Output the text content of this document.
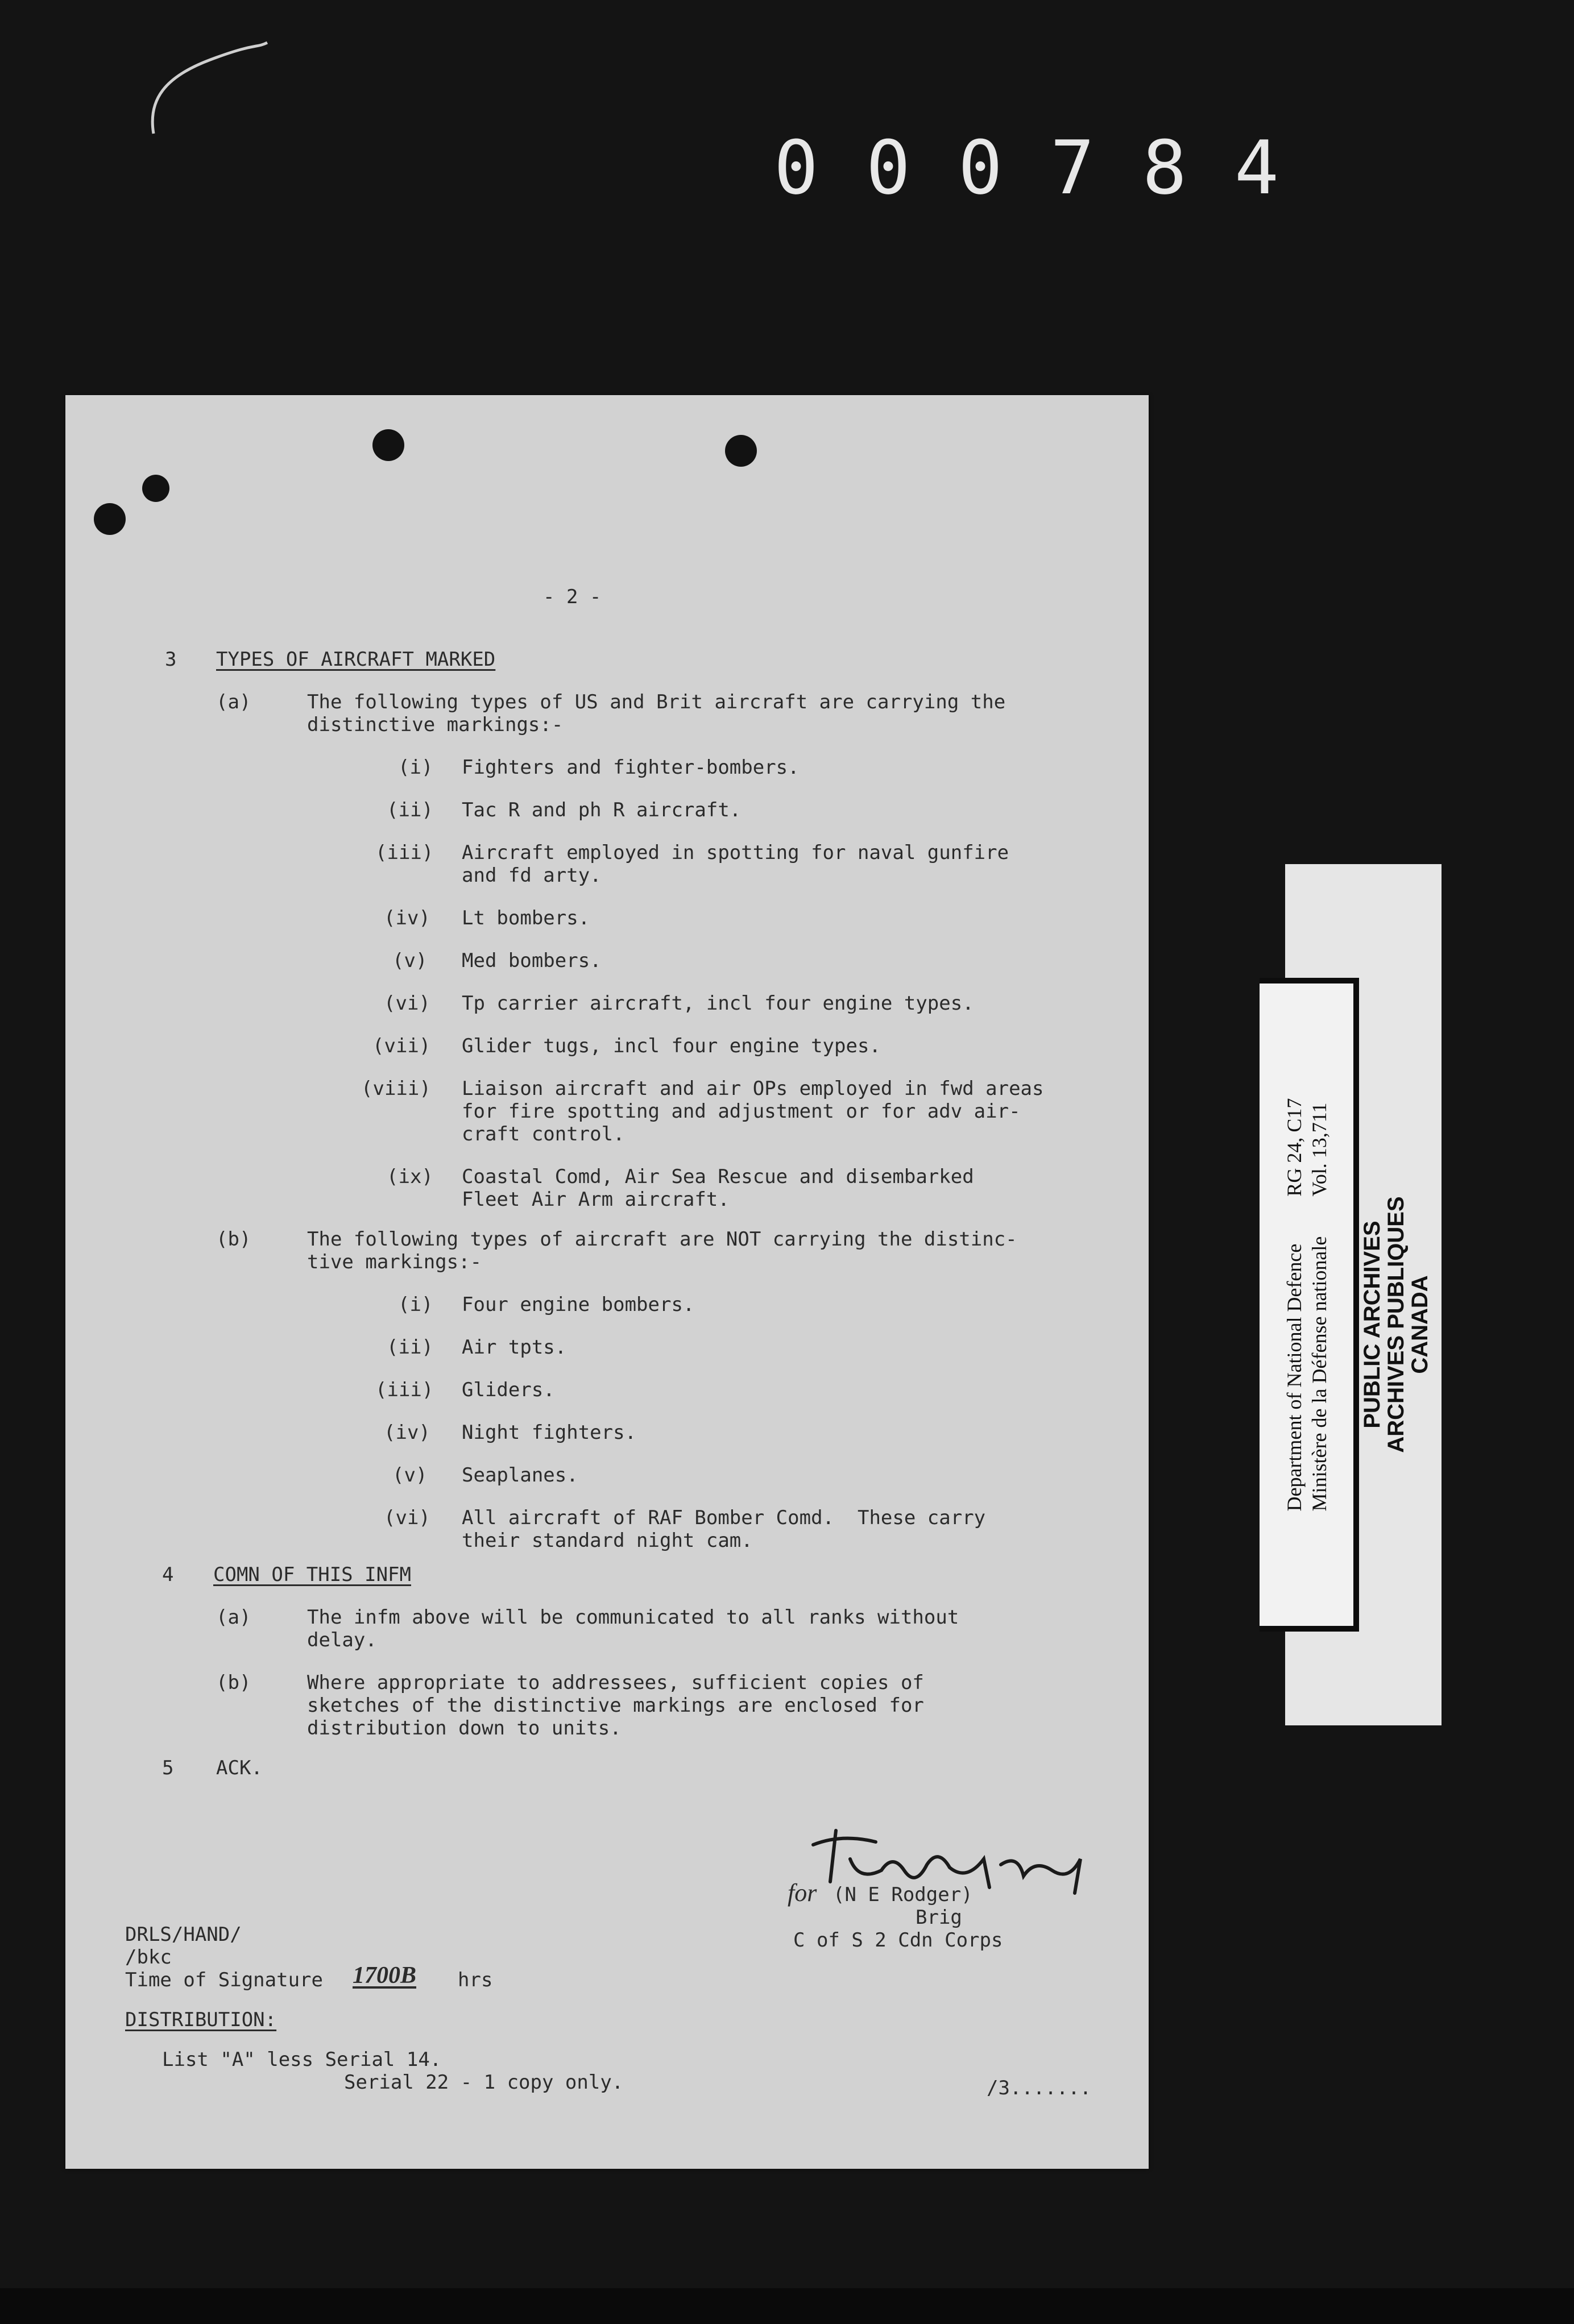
0 0 0 7 8 4
- 2 -
3 TYPES OF AIRCRAFT MARKED
(a)	The following types of US and Brit aircraft are carrying the
distinctive markings:-
(i) Fighters and fighter-bombers.
(ii) Tac R and ph R aircraft.
(iii) Aircraft employed in spotting for naval gunfire
and fd arty.
(iv) Lt bombers.
(v) Med bombers.
(vi) Tp carrier aircraft, incl four engine types.
(vii) Glider tugs, incl four engine types.
(viii) Liaison aircraft and air OPs employed in fwd areas
for fire spotting and adjustment or for adv air-
craft control.
(ix) Coastal Comd, Air Sea Rescue and disembarked
Fleet Air Arm aircraft.
(b)	The following types of aircraft are NOT carrying the distinc-
tive markings:-
(i) Four engine bombers.
(ii) Air tpts.
(iii) Gliders.
(iv) Night fighters.
(v) Seaplanes.
(vi) All aircraft of RAF Bomber Comd.  These carry
their standard night cam.
4 COMN OF THIS INFM
(a)	The infm above will be communicated to all ranks without
delay.
(b)	Where appropriate to addressees, sufficient copies of
sketches of the distinctive markings are enclosed for
distribution down to units.
5 ACK.
for (N E Rodger)
Brig
C of S 2 Cdn Corps
DRLS/HAND/
/bkc
Time of Signature 1700B hrs
DISTRIBUTION:
List "A" less Serial 14.
Serial 22 - 1 copy only.	/3.......
Department of National Defence Ministère de la Défense nationale
RG 24, C17 Vol. 13,711
PUBLIC ARCHIVES
ARCHIVES PUBLIQUES
CANADA
